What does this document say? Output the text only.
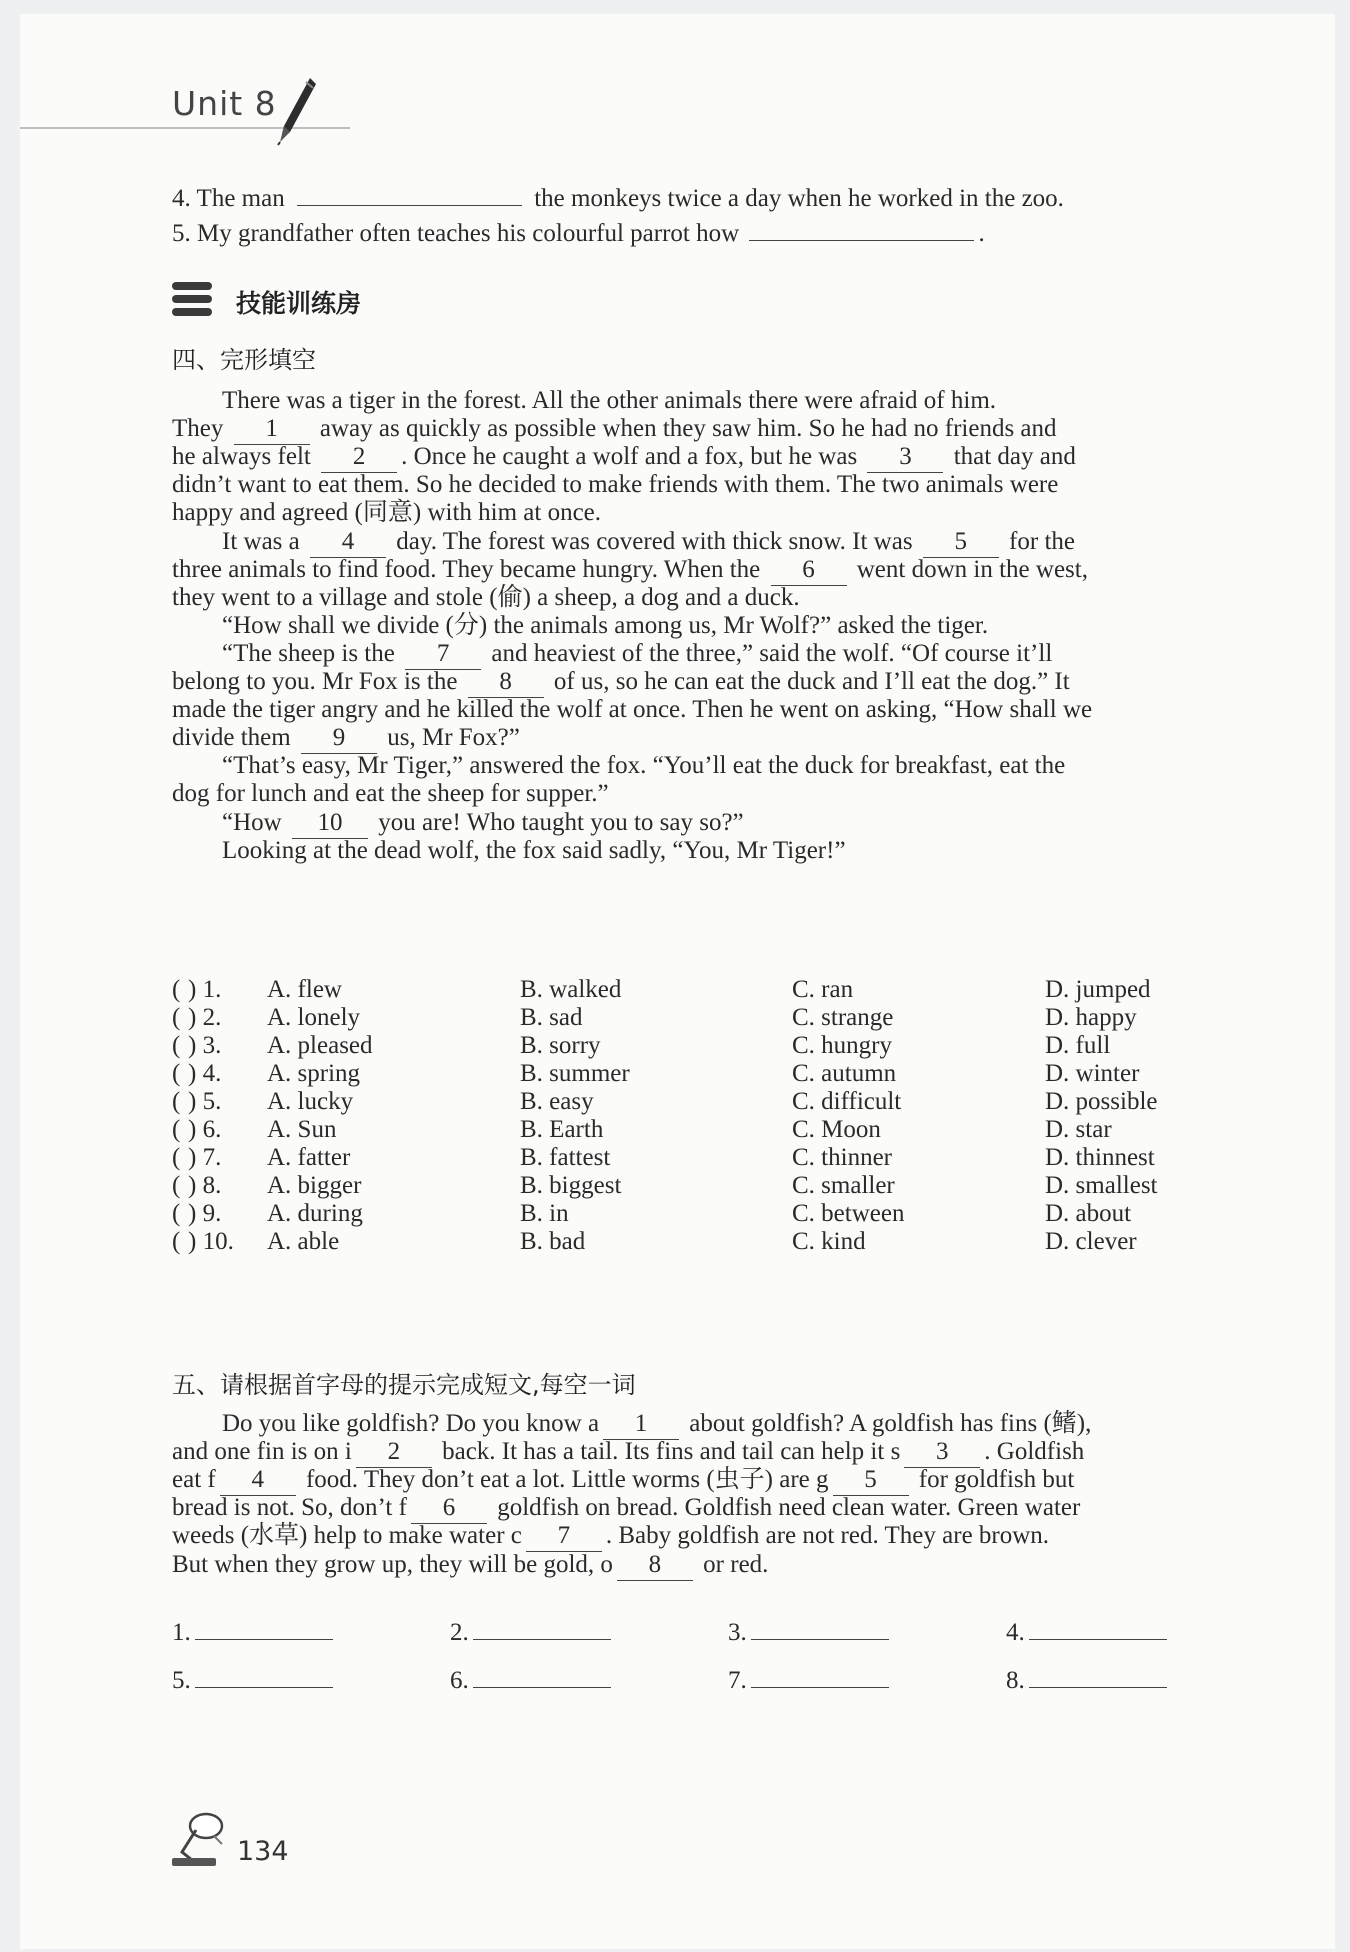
Unit 8
4. The man	the monkeys twice a day when he worked in the zoo.
5. My grandfather often teaches his colourful parrot how	.
技能训练房
四、完形填空
There was a tiger in the forest. All the other animals there were afraid of him.
They 1 away as quickly as possible when they saw him. So he had no friends and
he always felt 2 . Once he caught a wolf and a fox, but he was 3 that day and
didn’t want to eat them. So he decided to make friends with them. The two animals were
happy and agreed (同意) with him at once.
It was a 4 day. The forest was covered with thick snow. It was 5 for the
three animals to find food. They became hungry. When the 6 went down in the west,
they went to a village and stole (偷) a sheep, a dog and a duck.
“How shall we divide (分) the animals among us, Mr Wolf?” asked the tiger.
“The sheep is the 7 and heaviest of the three,” said the wolf. “Of course it’ll
belong to you. Mr Fox is the 8 of us, so he can eat the duck and I’ll eat the dog.” It
made the tiger angry and he killed the wolf at once. Then he went on asking, “How shall we
divide them 9 us, Mr Fox?”
“That’s easy, Mr Tiger,” answered the fox. “You’ll eat the duck for breakfast, eat the
dog for lunch and eat the sheep for supper.”
“How 10 you are! Who taught you to say so?”
Looking at the dead wolf, the fox said sadly, “You, Mr Tiger!”
( ) 1. A. flew	B. walked	C. ran	D. jumped
( ) 2. A. lonely	B. sad	C. strange	D. happy
( ) 3. A. pleased	B. sorry	C. hungry	D. full
( ) 4. A. spring	B. summer	C. autumn	D. winter
( ) 5. A. lucky	B. easy	C. difficult	D. possible
( ) 6. A. Sun	B. Earth	C. Moon	D. star
( ) 7. A. fatter	B. fattest	C. thinner	D. thinnest
( ) 8. A. bigger	B. biggest	C. smaller	D. smallest
( ) 9. A. during	B. in	C. between	D. about
( ) 10. A. able	B. bad	C. kind	D. clever
五、请根据首字母的提示完成短文,每空一词
Do you like goldfish? Do you know a 1 about goldfish? A goldfish has fins (鳍),
and one fin is on i 2 back. It has a tail. Its fins and tail can help it s 3 . Goldfish
eat f 4 food. They don’t eat a lot. Little worms (虫子) are g 5 for goldfish but
bread is not. So, don’t f 6 goldfish on bread. Goldfish need clean water. Green water
weeds (水草) help to make water c 7 . Baby goldfish are not red. They are brown.
But when they grow up, they will be gold, o 8 or red.
1.	2.	3.	4.
5.	6.	7.	8.
134
